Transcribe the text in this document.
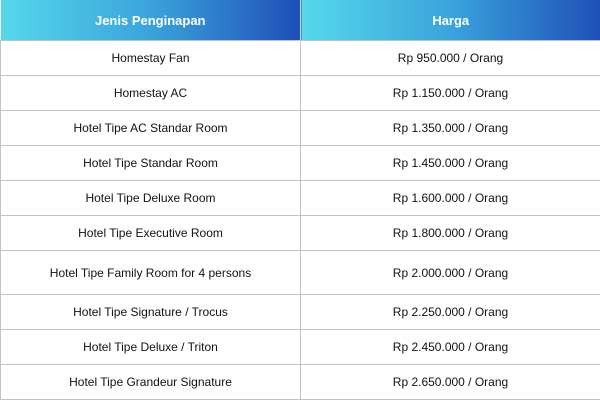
Jenis Penginapan	Harga
Homestay Fan	Rp 950.000 / Orang
Homestay AC	Rp 1.150.000 / Orang
Hotel Tipe AC Standar Room	Rp 1.350.000 / Orang
Hotel Tipe Standar Room	Rp 1.450.000 / Orang
Hotel Tipe Deluxe Room	Rp 1.600.000 / Orang
Hotel Tipe Executive Room	Rp 1.800.000 / Orang
Hotel Tipe Family Room for 4 persons	Rp 2.000.000 / Orang
Hotel Tipe Signature / Trocus	Rp 2.250.000 / Orang
Hotel Tipe Deluxe / Triton	Rp 2.450.000 / Orang
Hotel Tipe Grandeur Signature	Rp 2.650.000 / Orang
